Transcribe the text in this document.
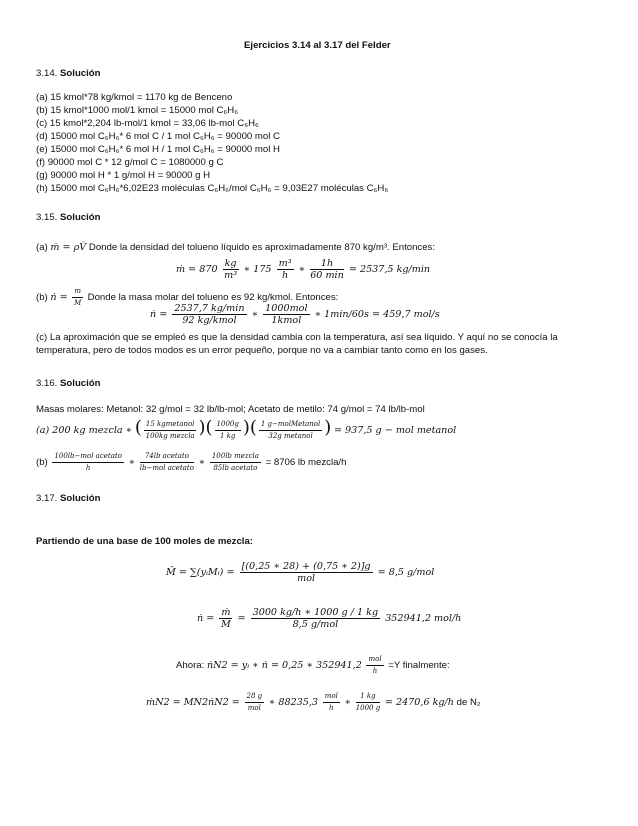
Ejercicios 3.14 al 3.17 del Felder
3.14. Solución
(a) 15 kmol*78 kg/kmol = 1170 kg de Benceno
(b) 15 kmol*1000 mol/1 kmol = 15000 mol C₆H₆
(c) 15 kmol*2,204 lb-mol/1 kmol = 33,06 lb-mol C₆H₆
(d) 15000 mol C₆H₆* 6 mol C / 1 mol C₆H₆ = 90000 mol C
(e) 15000 mol C₆H₆* 6 mol H / 1 mol C₆H₆ = 90000 mol H
(f) 90000 mol C * 12 g/mol C = 1080000 g C
(g) 90000 mol H * 1 g/mol H = 90000 g H
(h) 15000 mol C₆H₆*6,02E23 moléculas C₆H₆/mol C₆H₆ = 9,03E27 moléculas C₆H₆
3.15. Solución
(a) ṁ = ρV̇ Donde la densidad del tolueno líquido es aproximadamente 870 kg/m³. Entonces:
ṁ = $870 \frac{kg}{\text{m³}}$ ∗ $175 \frac{\text{m³}}{h}$ ∗ $\frac{1h}{60 \min} = 2537,5$ kg/min
(b) ṅ = $\frac{m}{M}$ Donde la masa molar del tolueno es 92 kg/kmol. Entonces:
ṅ = $\frac{2537,7 kg/\min}{\text{92 kg/kmol}}$ ∗ $\frac{\text{1000mol}}{\text{1kmol}}$ ∗ 1min/60s = 459,7 mol/s
(c) La aproximación que se empleó es que la densidad cambia con la temperatura, así sea líquido. Y aquí no se conocía la
temperatura, pero de todos modos es un error pequeño, porque no va a cambiar tanto como en los gases.
3.16. Solución
Masas molares: Metanol: 32 g/mol = 32 lb/lb-mol; Acetato de metilo: 74 g/mol = 74 lb/lb-mol
(a) 200 kg mezcla ∗ ( $\frac{\text{15 kgmetanol}}{\text{100kg mezcla}}$ )( $\frac{1000g}{1 kg}$ )( $\frac{\text{1 g−molMetanol}}{\text{32g metanol}}$ ) = 937,5 g − mol metanol
$(b) \frac{\text{100lb−mol acetato}}{h}$ ∗ $\frac{\text{74lb acetato}}{\text{lb−mol acetato}}$ ∗ $\frac{\text{100lb mezcla}}{\text{85lb acetato}} = 8706$ lb mezcla/h
3.17. Solución
Partiendo de una base de 100 moles de mezcla:
M̄ = ∑(yᵢMᵢ) = $\frac{[(0,25 ∗ 28) + (0,75 ∗ 2)]g}{\text{mol}} = 8,5$ g/mol
ṅ = $\frac{\text{ṁ}}{M̄} = \frac{3000 kg/h ∗ 1000 g / 1 kg}{\text{8,5 g/mol}} 352941,2$ mol/h
Ahora: ṅN2 = yᵢ ∗ ṅ = 0,25 ∗ $352941,2 \frac{\text{mol}}{h} =Y$ finalmente:
ṁN2 = MN2ṅN2 = $\frac{28 g}{\text{mol}}$ ∗ $88235,3 \frac{\text{mol}}{h}$ ∗ $\frac{1 kg}{1000 g} = 2470,6$ kg/h de N₂
